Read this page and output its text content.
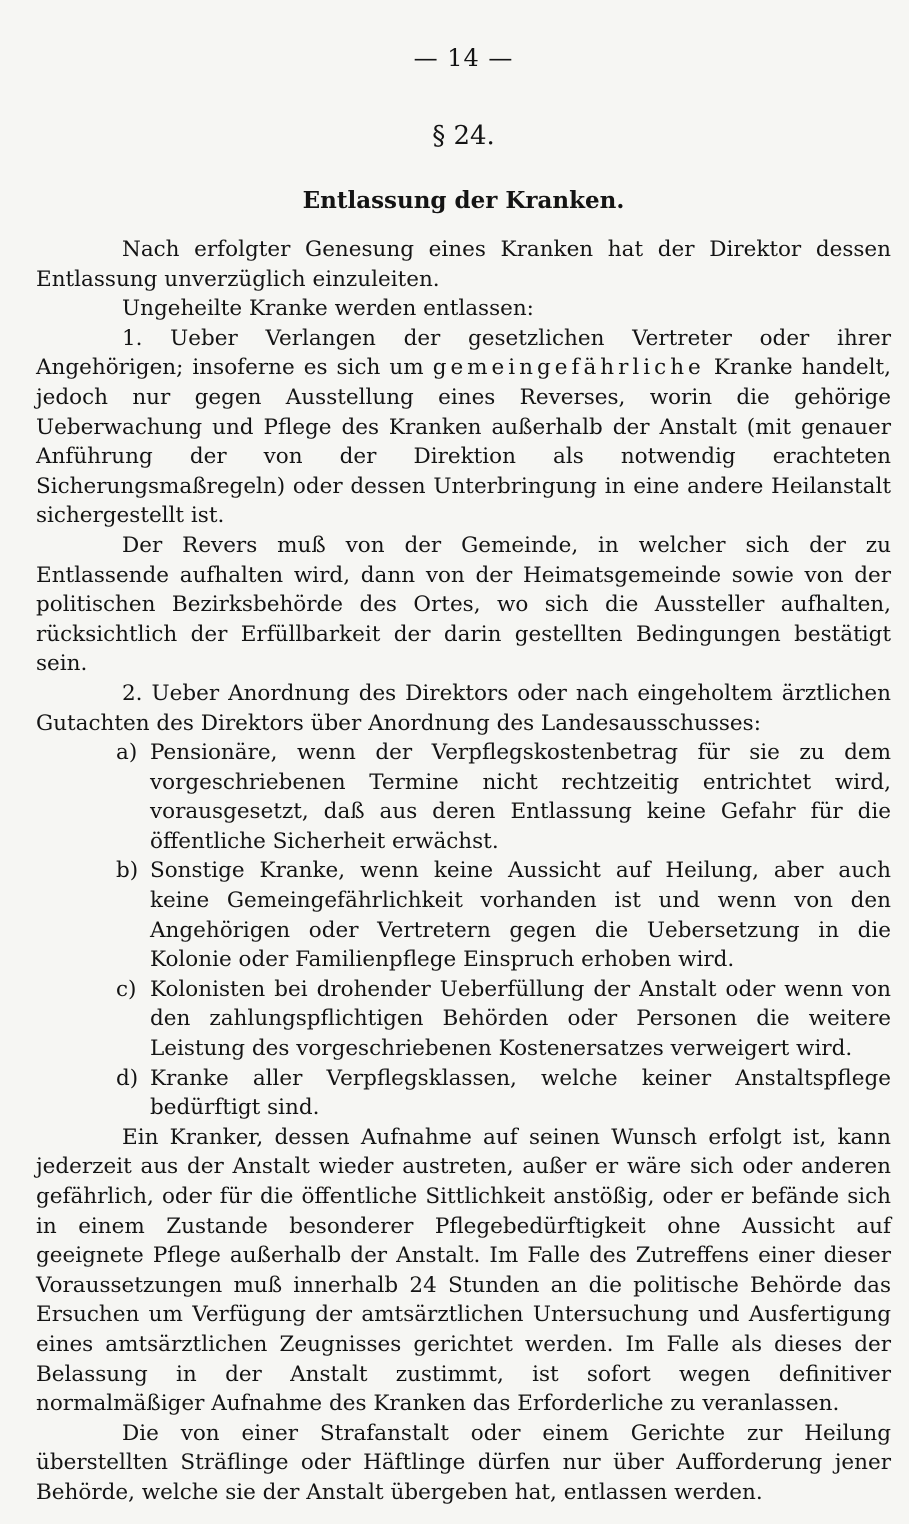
— 14 —
§ 24.
Entlassung der Kranken.

Nach erfolgter Genesung eines Kranken hat der Direktor dessen Entlassung unverzüglich einzuleiten.

Ungeheilte Kranke werden entlassen:

1. Ueber Verlangen der gesetzlichen Vertreter oder ihrer Angehörigen; insoferne es sich um gemeingefährliche Kranke handelt, jedoch nur gegen Ausstellung eines Reverses, worin die gehörige Ueberwachung und Pflege des Kranken außerhalb der Anstalt (mit genauer Anführung der von der Direktion als notwendig erachteten Sicherungsmaßregeln) oder dessen Unterbringung in eine andere Heilanstalt sichergestellt ist.

Der Revers muß von der Gemeinde, in welcher sich der zu Entlassende aufhalten wird, dann von der Heimatsgemeinde sowie von der politischen Bezirksbehörde des Ortes, wo sich die Aussteller aufhalten, rücksichtlich der Erfüllbarkeit der darin gestellten Bedingungen bestätigt sein.

2. Ueber Anordnung des Direktors oder nach eingeholtem ärztlichen Gutachten des Direktors über Anordnung des Landesausschusses:

a) Pensionäre, wenn der Verpflegskostenbetrag für sie zu dem vorgeschriebenen Termine nicht rechtzeitig entrichtet wird, vorausgesetzt, daß aus deren Entlassung keine Gefahr für die öffentliche Sicherheit erwächst.
b) Sonstige Kranke, wenn keine Aussicht auf Heilung, aber auch keine Gemeingefährlichkeit vorhanden ist und wenn von den Angehörigen oder Vertretern gegen die Uebersetzung in die Kolonie oder Familienpflege Einspruch erhoben wird.
c) Kolonisten bei drohender Ueberfüllung der Anstalt oder wenn von den zahlungspflichtigen Behörden oder Personen die weitere Leistung des vorgeschriebenen Kostenersatzes verweigert wird.
d) Kranke aller Verpflegsklassen, welche keiner Anstaltspflege bedürftigt sind.

Ein Kranker, dessen Aufnahme auf seinen Wunsch erfolgt ist, kann jederzeit aus der Anstalt wieder austreten, außer er wäre sich oder anderen gefährlich, oder für die öffentliche Sittlichkeit anstößig, oder er befände sich in einem Zustande besonderer Pflegebedürftigkeit ohne Aussicht auf geeignete Pflege außerhalb der Anstalt. Im Falle des Zutreffens einer dieser Voraussetzungen muß innerhalb 24 Stunden an die politische Behörde das Ersuchen um Verfügung der amtsärztlichen Untersuchung und Ausfertigung eines amtsärztlichen Zeugnisses gerichtet werden. Im Falle als dieses der Belassung in der Anstalt zustimmt, ist sofort wegen definitiver normalmäßiger Aufnahme des Kranken das Erforderliche zu veranlassen.

Die von einer Strafanstalt oder einem Gerichte zur Heilung überstellten Sträflinge oder Häftlinge dürfen nur über Aufforderung jener Behörde, welche sie der Anstalt übergeben hat, entlassen werden.
